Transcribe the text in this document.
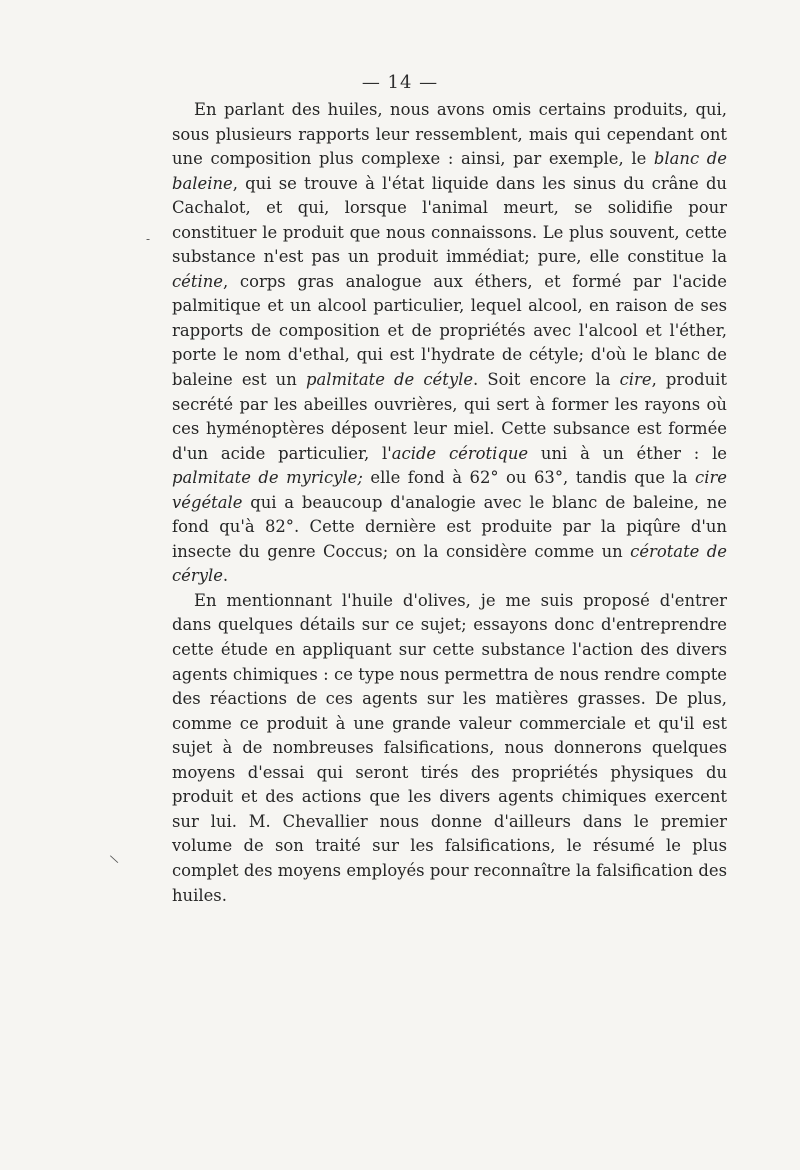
— 14 —

En parlant des huiles, nous avons omis certains produits, qui, sous plusieurs rapports leur ressemblent, mais qui cependant ont une composition plus complexe : ainsi, par exemple, le blanc de baleine, qui se trouve à l'état liquide dans les sinus du crâne du Cachalot, et qui, lorsque l'animal meurt, se solidifie pour constituer le produit que nous connaissons. Le plus souvent, cette substance n'est pas un produit immédiat; pure, elle constitue la cétine, corps gras analogue aux éthers, et formé par l'acide palmitique et un alcool particulier, lequel alcool, en raison de ses rapports de composition et de propriétés avec l'alcool et l'éther, porte le nom d'ethal, qui est l'hydrate de cétyle; d'où le blanc de baleine est un palmitate de cétyle. Soit encore la cire, produit secrété par les abeilles ouvrières, qui sert à former les rayons où ces hyménoptères déposent leur miel. Cette subsance est formée d'un acide particulier, l'acide cérotique uni à un éther : le palmitate de myricyle; elle fond à 62° ou 63°, tandis que la cire végétale qui a beaucoup d'analogie avec le blanc de baleine, ne fond qu'à 82°. Cette dernière est produite par la piqûre d'un insecte du genre Coccus; on la considère comme un cérotate de céryle.

En mentionnant l'huile d'olives, je me suis proposé d'entrer dans quelques détails sur ce sujet; essayons donc d'entreprendre cette étude en appliquant sur cette substance l'action des divers agents chimiques : ce type nous permettra de nous rendre compte des réactions de ces agents sur les matières grasses. De plus, comme ce produit à une grande valeur commerciale et qu'il est sujet à de nombreuses falsifications, nous donnerons quelques moyens d'essai qui seront tirés des propriétés physiques du produit et des actions que les divers agents chimiques exercent sur lui. M. Chevallier nous donne d'ailleurs dans le premier volume de son traité sur les falsifications, le résumé le plus complet des moyens employés pour reconnaître la falsification des huiles.

-
\
